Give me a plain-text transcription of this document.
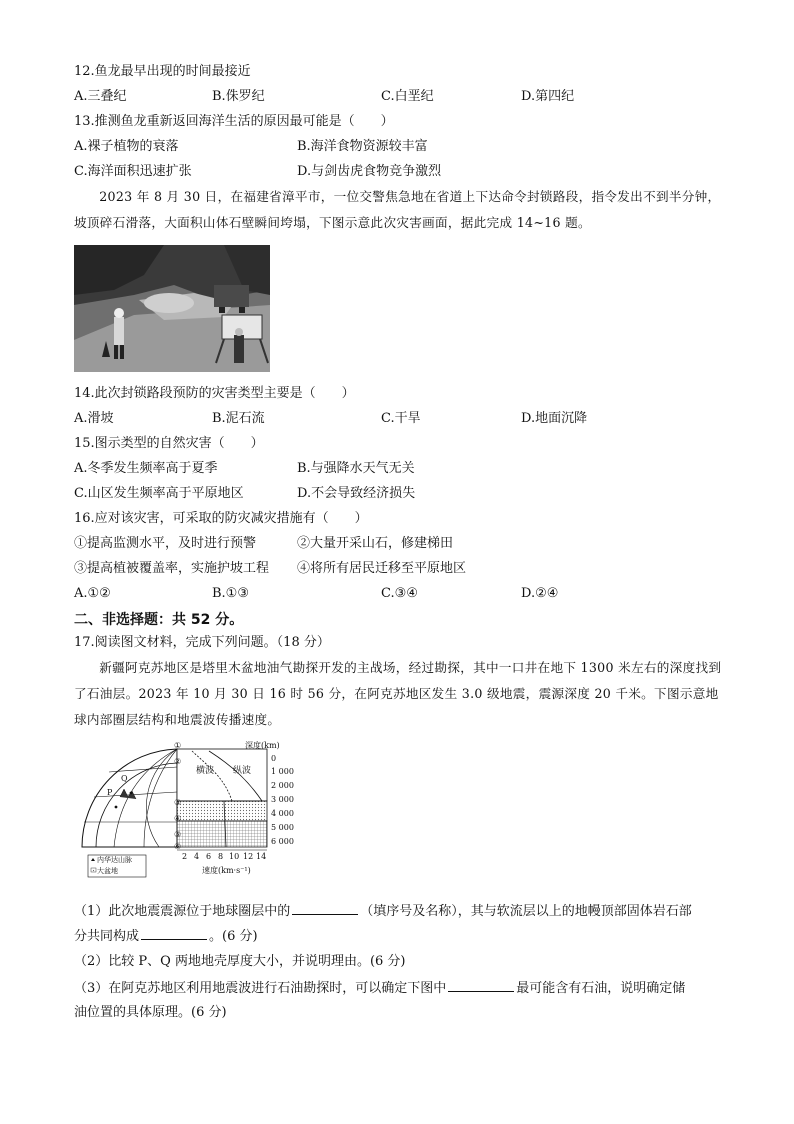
12.鱼龙最早出现的时间最接近
A.三叠纪	B.侏罗纪	C.白垩纪	D.第四纪
13.推测鱼龙重新返回海洋生活的原因最可能是（　　）
A.裸子植物的衰落	B.海洋食物资源较丰富
C.海洋面积迅速扩张	D.与剑齿虎食物竞争激烈
2023 年 8 月 30 日，在福建省漳平市，一位交警焦急地在省道上下达命令封锁路段，指令发出不到半分钟，坡顶碎石滑落，大面积山体石壁瞬间垮塌，下图示意此次灾害画面，据此完成 14~16 题。
14.此次封锁路段预防的灾害类型主要是（　　）
A.滑坡	B.泥石流	C.干旱	D.地面沉降
15.图示类型的自然灾害（　　）
A.冬季发生频率高于夏季	B.与强降水天气无关
C.山区发生频率高于平原地区	D.不会导致经济损失
16.应对该灾害，可采取的防灾减灾措施有（　　）
①提高监测水平，及时进行预警	②大量开采山石，修建梯田
③提高植被覆盖率，实施护坡工程 ④将所有居民迁移至平原地区
A.①②	B.①③	C.③④	D.②④
二、非选择题：共 52 分。
17.阅读图文材料，完成下列问题。（18 分）
新疆阿克苏地区是塔里木盆地油气勘探开发的主战场，经过勘探，其中一口井在地下 1300 米左右的深度找到了石油层。2023 年 10 月 30 日 16 时 56 分，在阿克苏地区发生 3.0 级地震，震源深度 20 千米。下图示意地球内部圈层结构和地震波传播速度。
①
②
③
④
⑤
⑥
深度(km)
0
1 000
2 000
3 000
4 000
5 000
6 000
横波 纵波
2 4 6 8 10 12 14
速度(km·s⁻¹)
P
Q
内华达山脉
大盆地
（1）此次地震震源位于地球圈层中的	（填序号及名称），其与软流层以上的地幔顶部固体岩石部
分共同构成	。(6 分)
（2）比较 P、Q 两地地壳厚度大小，并说明理由。(6 分)
（3）在阿克苏地区利用地震波进行石油勘探时，可以确定下图中	最可能含有石油，说明确定储
油位置的具体原理。(6 分)
